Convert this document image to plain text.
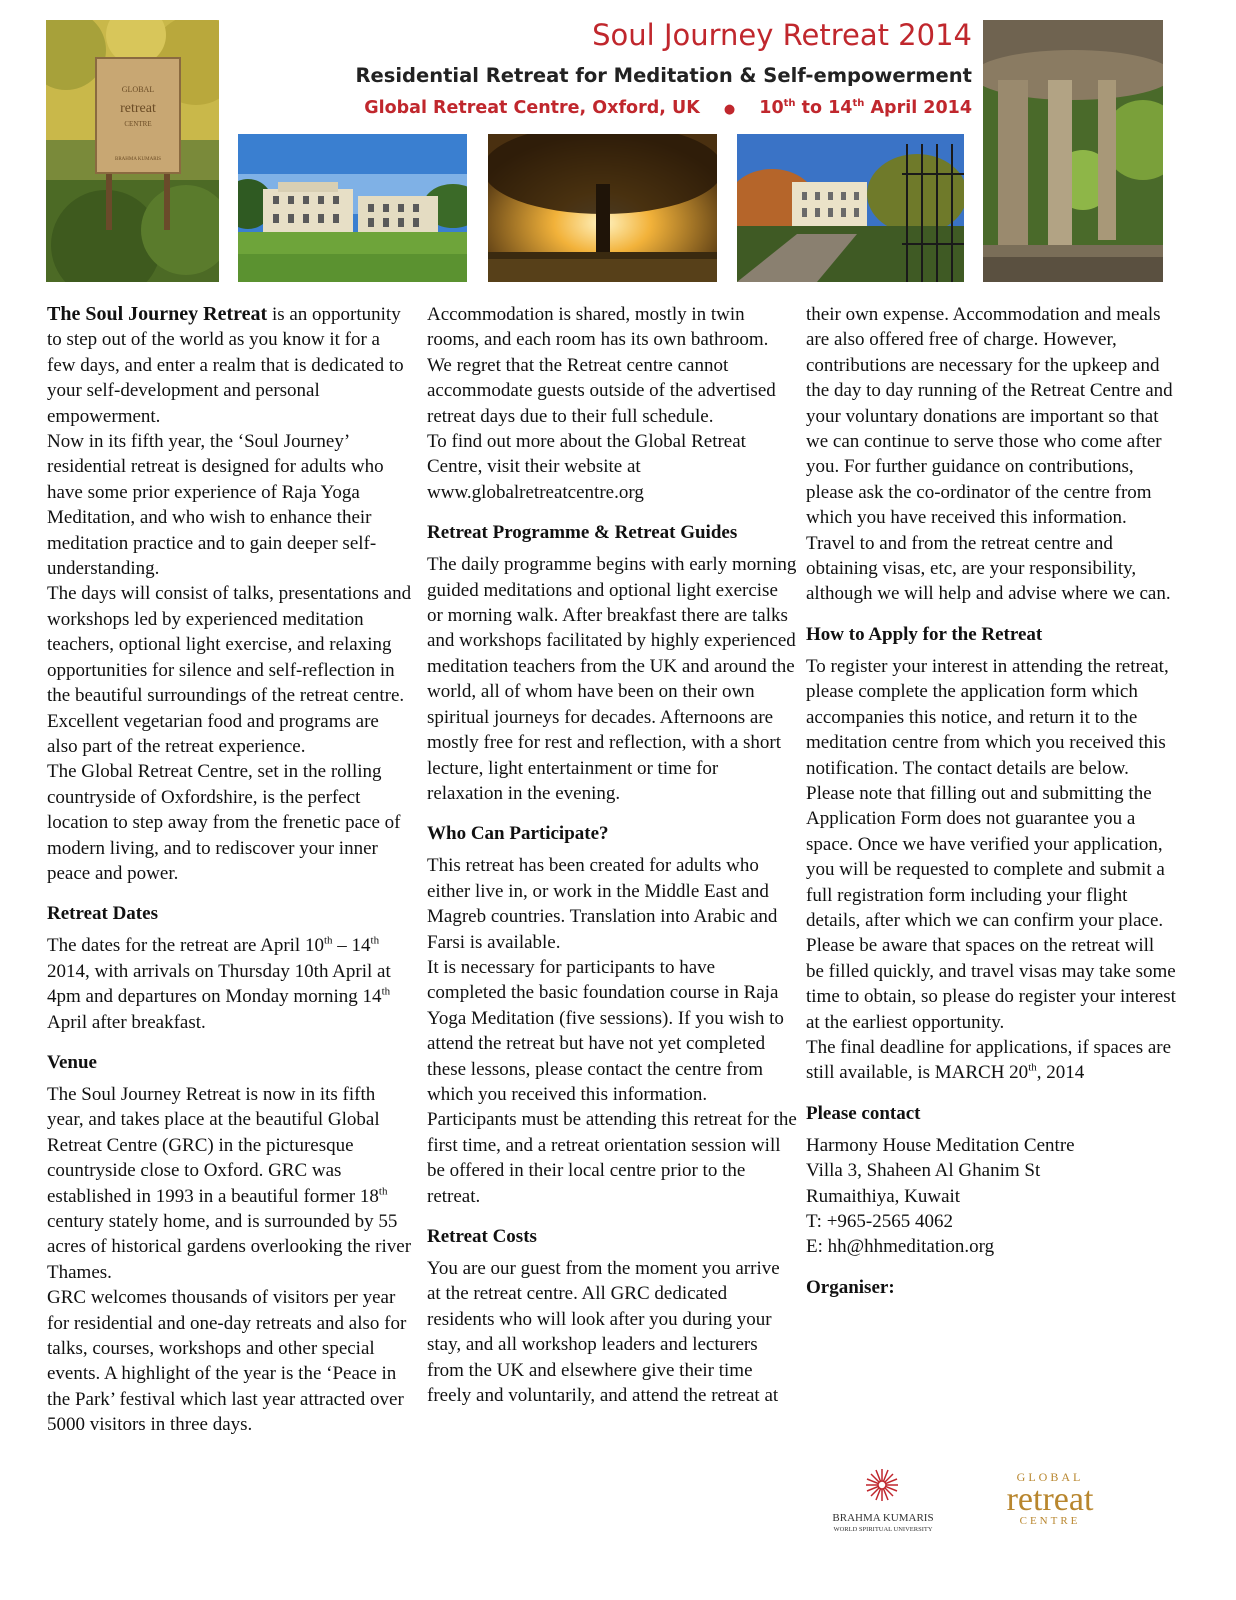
GLOBAL
retreat
CENTRE
BRAHMA KUMARIS
Soul Journey Retreat 2014
Residential Retreat for Meditation & Self-empowerment
Global Retreat Centre, Oxford, UK ● 10th to 14th April 2014

The Soul Journey Retreat is an opportunity to step out of the world as you know it for a few days, and enter a realm that is dedicated to your self-development and personal empowerment.

Now in its fifth year, the ‘Soul Journey’ residential retreat is designed for adults who have some prior experience of Raja Yoga Meditation, and who wish to enhance their meditation practice and to gain deeper self-understanding.

The days will consist of talks, presentations and workshops led by experienced meditation teachers, optional light exercise, and relaxing opportunities for silence and self-reflection in the beautiful surroundings of the retreat centre. Excellent vegetarian food and programs are also part of the retreat experience.

The Global Retreat Centre, set in the rolling countryside of Oxfordshire, is the perfect location to step away from the frenetic pace of modern living, and to rediscover your inner peace and power.

Retreat Dates

The dates for the retreat are April 10th – 14th 2014, with arrivals on Thursday 10th April at 4pm and departures on Monday morning 14th April after breakfast.

Venue

The Soul Journey Retreat is now in its fifth year, and takes place at the beautiful Global Retreat Centre (GRC) in the picturesque countryside close to Oxford. GRC was established in 1993 in a beautiful former 18th century stately home, and is surrounded by 55 acres of historical gardens overlooking the river Thames.

GRC welcomes thousands of visitors per year for residential and one-day retreats and also for talks, courses, workshops and other special events. A highlight of the year is the ‘Peace in the Park’ festival which last year attracted over 5000 visitors in three days.

Accommodation is shared, mostly in twin rooms, and each room has its own bathroom. We regret that the Retreat centre cannot accommodate guests outside of the advertised retreat days due to their full schedule.

To find out more about the Global Retreat Centre, visit their website at www.globalretreatcentre.org

Retreat Programme & Retreat Guides

The daily programme begins with early morning guided meditations and optional light exercise or morning walk. After breakfast there are talks and workshops facilitated by highly experienced meditation teachers from the UK and around the world, all of whom have been on their own spiritual journeys for decades. Afternoons are mostly free for rest and reflection, with a short lecture, light entertainment or time for relaxation in the evening.

Who Can Participate?

This retreat has been created for adults who either live in, or work in the Middle East and Magreb countries. Translation into Arabic and Farsi is available.

It is necessary for participants to have completed the basic foundation course in Raja Yoga Meditation (five sessions). If you wish to attend the retreat but have not yet completed these lessons, please contact the centre from which you received this information.

Participants must be attending this retreat for the first time, and a retreat orientation session will be offered in their local centre prior to the retreat.

Retreat Costs

You are our guest from the moment you arrive at the retreat centre. All GRC dedicated residents who will look after you during your stay, and all workshop leaders and lecturers from the UK and elsewhere give their time freely and voluntarily, and attend the retreat at

their own expense. Accommodation and meals are also offered free of charge. However, contributions are necessary for the upkeep and the day to day running of the Retreat Centre and your voluntary donations are important so that we can continue to serve those who come after you. For further guidance on contributions, please ask the co-ordinator of the centre from which you have received this information.

Travel to and from the retreat centre and obtaining visas, etc, are your responsibility, although we will help and advise where we can.

How to Apply for the Retreat

To register your interest in attending the retreat, please complete the application form which accompanies this notice, and return it to the meditation centre from which you received this notification. The contact details are below.

Please note that filling out and submitting the Application Form does not guarantee you a space. Once we have verified your application, you will be requested to complete and submit a full registration form including your flight details, after which we can confirm your place.

Please be aware that spaces on the retreat will be filled quickly, and travel visas may take some time to obtain, so please do register your interest at the earliest opportunity.

The final deadline for applications, if spaces are still available, is MARCH 20th, 2014

Please contact

Harmony House Meditation Centre

Villa 3, Shaheen Al Ghanim St

Rumaithiya, Kuwait

T: +965-2565 4062

E: hh@hhmeditation.org

Organiser:
BRAHMA KUMARIS
WORLD SPIRITUAL UNIVERSITY
GLOBAL
retreat
CENTRE
